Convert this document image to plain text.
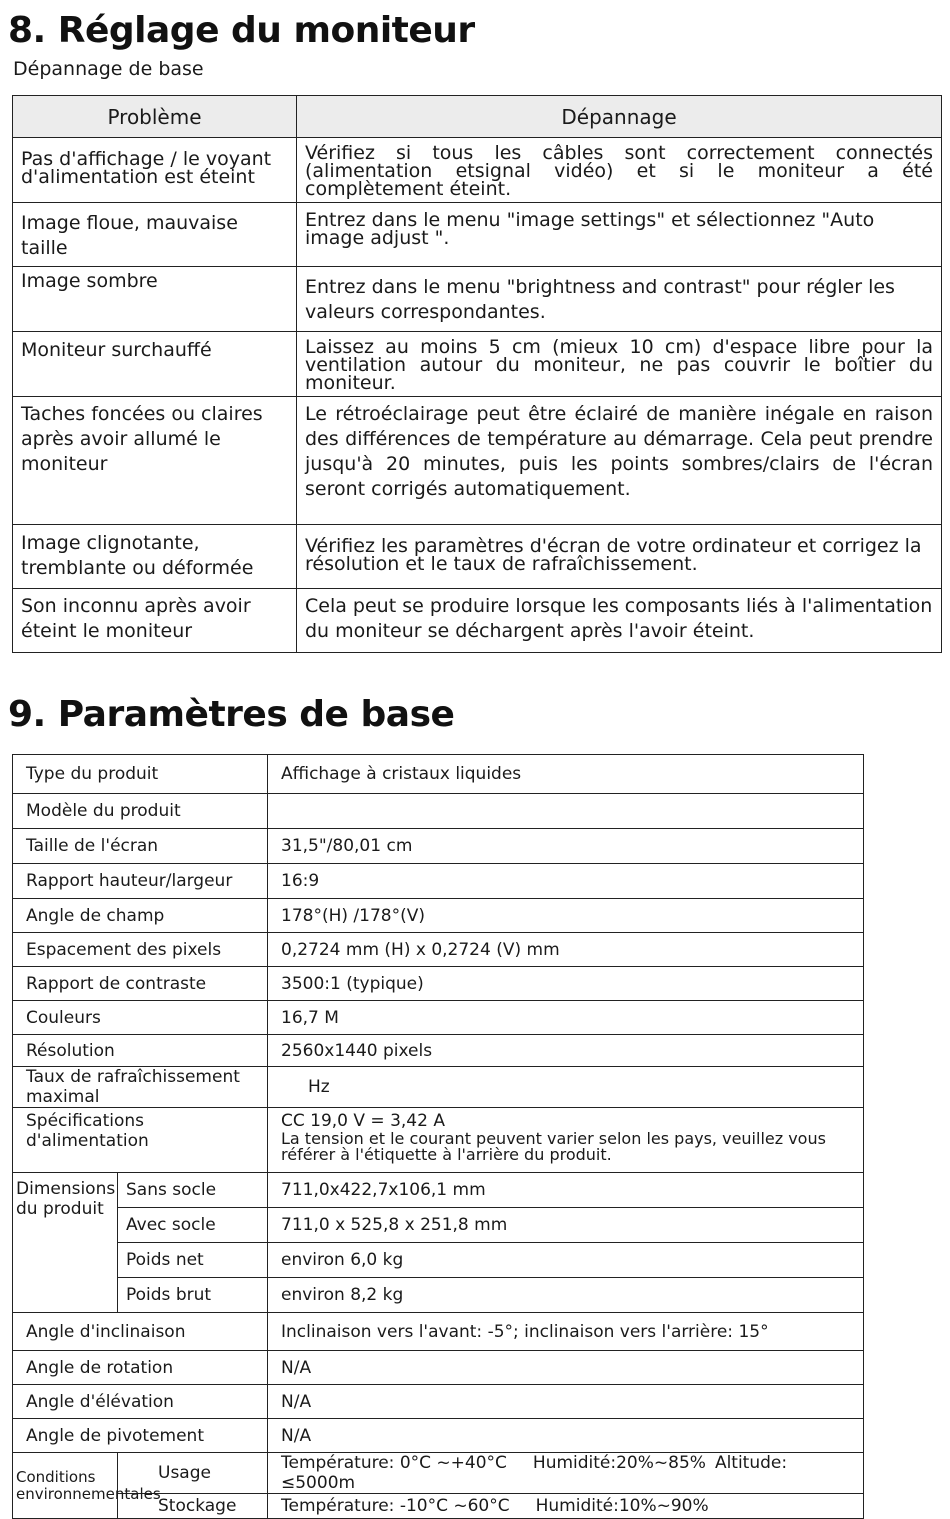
8. Réglage du moniteur
Dépannage de base
Problème	Dépannage
Pas d'affichage / le voyant d'alimentation est éteint	Vérifiez si tous les câbles sont correctement connectés (alimentation etsignal vidéo) et si le moniteur a été complètement éteint.
Image floue, mauvaise taille	Entrez dans le menu "image settings" et sélectionnez "Auto image adjust ".
Image sombre	Entrez dans le menu "brightness and contrast" pour régler les valeurs correspondantes.
Moniteur surchauffé	Laissez au moins 5 cm (mieux 10 cm) d'espace libre pour la ventilation autour du moniteur, ne pas couvrir le boîtier du moniteur.
Taches foncées ou claires après avoir allumé le moniteur	Le rétroéclairage peut être éclairé de manière inégale en raison des différences de température au démarrage. Cela peut prendre jusqu'à 20 minutes, puis les points sombres/clairs de l'écran seront corrigés automatiquement.
Image clignotante, tremblante ou déformée	Vérifiez les paramètres d'écran de votre ordinateur et corrigez la résolution et le taux de rafraîchissement.
Son inconnu après avoir éteint le moniteur	Cela peut se produire lorsque les composants liés à l'alimentation du moniteur se déchargent après l'avoir éteint.
9. Paramètres de base
Type du produit		Affichage à cristaux liquides
Modèle du produit		
Taille de l'écran		31,5"/80,01 cm
Rapport hauteur/largeur		16:9
Angle de champ		178°(H) /178°(V)
Espacement des pixels		0,2724 mm (H) x 0,2724 (V) mm
Rapport de contraste		3500:1 (typique)
Couleurs		16,7 M
Résolution		2560x1440 pixels
Taux de rafraîchissement maximal		Hz
Spécifications d'alimentation		CC 19,0 V = 3,42 A
La tension et le courant peuvent varier selon les pays, veuillez vous référer à l'étiquette à l'arrière du produit.

Dimensions du produit	Sans socle	711,0x422,7x106,1 mm
	Avec socle	711,0 x 525,8 x 251,8 mm
	Poids net	environ 6,0 kg
	Poids brut	environ 8,2 kg
Angle d'inclinaison		Inclinaison vers l'avant: -5°; inclinaison vers l'arrière: 15°
Angle de rotation		N/A
Angle d'élévation		N/A
Angle de pivotement		N/A
Conditions environnementales	Usage	Température: 0°C ~+40°C Humidité:20%~85% Altitude: ≤5000m
	Stockage	Température: -10°C ~60°C Humidité:10%~90%
